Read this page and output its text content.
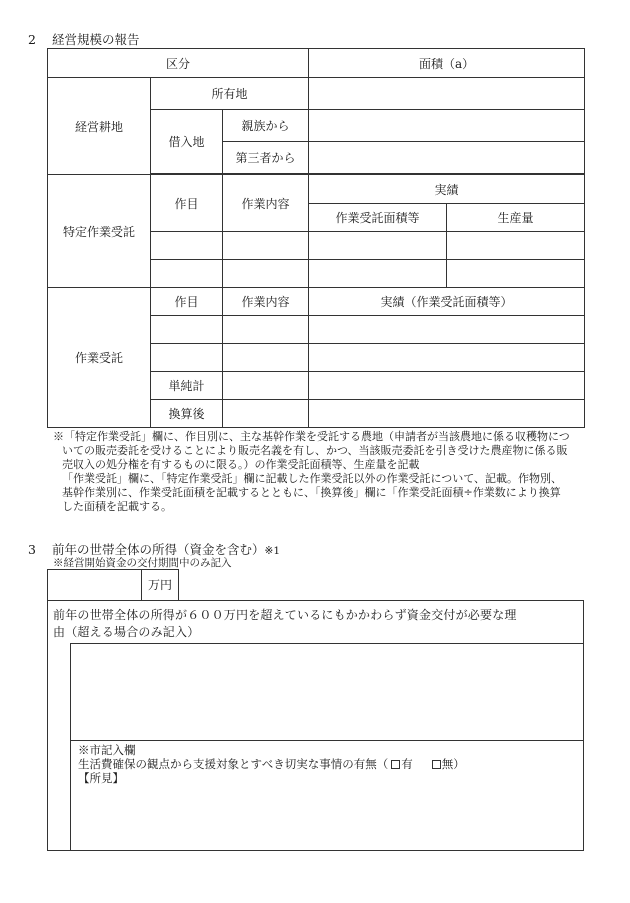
2 経営規模の報告
区分			面積（a）	
経営耕地	所有地			
	借入地	親族から		
		第三者から		

特定作業受託	作目	作業内容	実績	
			作業受託面積等	生産量

作業受託	作目	作業内容	実績（作業受託面積等）	

	単純計			
	換算後			
※「特定作業受託」欄に、作目別に、主な基幹作業を受託する農地（申請者が当該農地に係る収穫物につ
いての販売委託を受けることにより販売名義を有し、かつ、当該販売委託を引き受けた農産物に係る販
売収入の処分権を有するものに限る。）の作業受託面積等、生産量を記載
「作業受託」欄に、「特定作業受託」欄に記載した作業受託以外の作業受託について、記載。作物別、
基幹作業別に、作業受託面積を記載するとともに、「換算後」欄に「作業受託面積÷作業数により換算
した面積を記載する。
3 前年の世帯全体の所得（資金を含む）※1
※経営開始資金の交付期間中のみ記入
万円
前年の世帯全体の所得が６００万円を超えているにもかかわらず資金交付が必要な理
由（超える場合のみ記入）
※市記入欄
生活費確保の観点から支援対象とすべき切実な事情の有無（ 有	無）
【所見】
